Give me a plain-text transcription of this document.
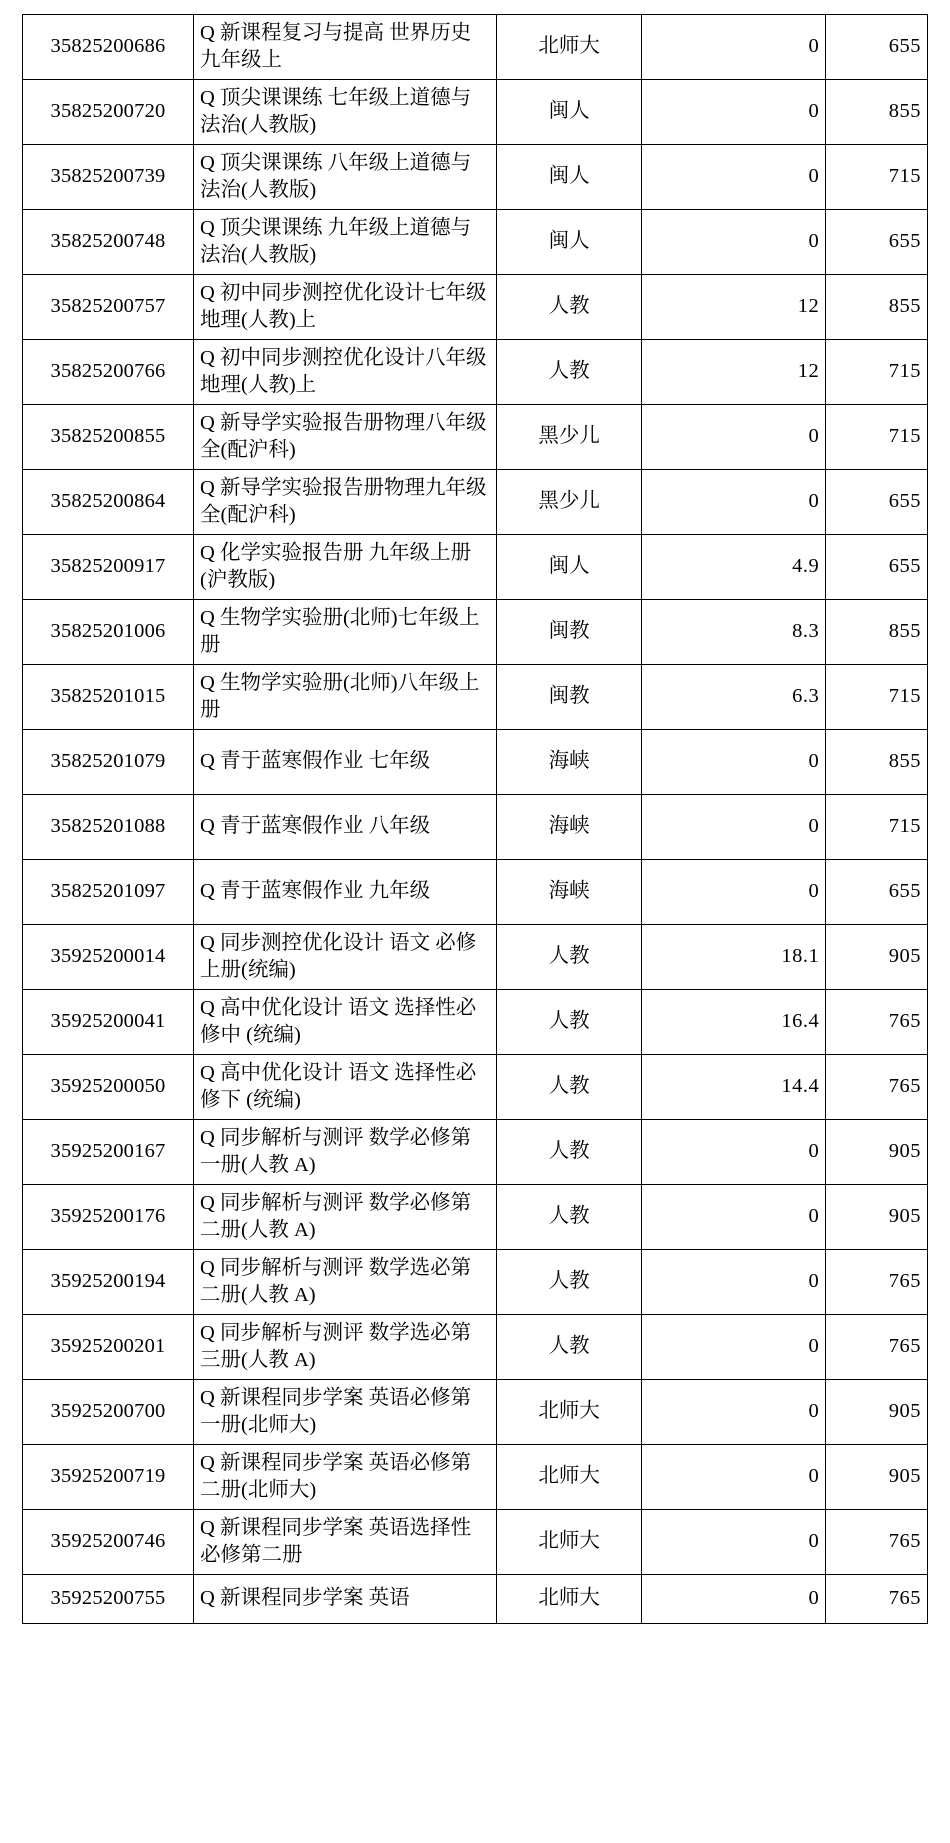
35825200686	Q 新课程复习与提高 世界历史九年级上	北师大	0	655
35825200720	Q 顶尖课课练 七年级上道德与法治(人教版)	闽人	0	855
35825200739	Q 顶尖课课练 八年级上道德与法治(人教版)	闽人	0	715
35825200748	Q 顶尖课课练 九年级上道德与法治(人教版)	闽人	0	655
35825200757	Q 初中同步测控优化设计七年级地理(人教)上	人教	12	855
35825200766	Q 初中同步测控优化设计八年级地理(人教)上	人教	12	715
35825200855	Q 新导学实验报告册物理八年级全(配沪科)	黑少儿	0	715
35825200864	Q 新导学实验报告册物理九年级全(配沪科)	黑少儿	0	655
35825200917	Q 化学实验报告册 九年级上册(沪教版)	闽人	4.9	655
35825201006	Q 生物学实验册(北师)七年级上册	闽教	8.3	855
35825201015	Q 生物学实验册(北师)八年级上册	闽教	6.3	715
35825201079	Q 青于蓝寒假作业 七年级	海峡	0	855
35825201088	Q 青于蓝寒假作业 八年级	海峡	0	715
35825201097	Q 青于蓝寒假作业 九年级	海峡	0	655
35925200014	Q 同步测控优化设计 语文 必修上册(统编)	人教	18.1	905
35925200041	Q 高中优化设计 语文 选择性必修中 (统编)	人教	16.4	765
35925200050	Q 高中优化设计 语文 选择性必修下 (统编)	人教	14.4	765
35925200167	Q 同步解析与测评 数学必修第一册(人教 A)	人教	0	905
35925200176	Q 同步解析与测评 数学必修第二册(人教 A)	人教	0	905
35925200194	Q 同步解析与测评 数学选必第二册(人教 A)	人教	0	765
35925200201	Q 同步解析与测评 数学选必第三册(人教 A)	人教	0	765
35925200700	Q 新课程同步学案 英语必修第一册(北师大)	北师大	0	905
35925200719	Q 新课程同步学案 英语必修第二册(北师大)	北师大	0	905
35925200746	Q 新课程同步学案 英语选择性必修第二册	北师大	0	765
35925200755	Q 新课程同步学案 英语	北师大	0	765
